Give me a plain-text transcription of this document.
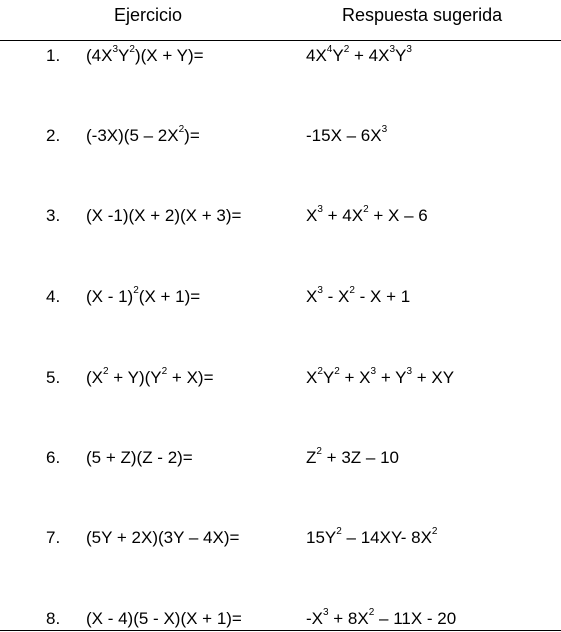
Ejercicio	Respuesta sugerida
1. $(4X^3Y^2)(X + Y)=$	$4X^4Y^2 + 4X^3Y^3$
2. $(-3X)(5 - 2X^2)=$	$-15X - 6X^3$
3. (X -1)(X + 2)(X + 3)=	$X^3 + 4X^2 + X - 6$
4. (X - 1)$^2$(X + 1)=	$X^3 - X^2 - X + 1$
5. $(X^2 + Y)(Y^2 + X)=$	$X^2Y^2 + X^3 + Y^3$ + XY
6. (5 + Z)(Z - 2)=	$Z^2 + 3Z - 10$
7. (5Y + 2X)(3Y – 4X)=	$15Y^2 - 14XY-$ $8X^2$
8. (X - 4)(5 - X)(X + 1)=	$-X^3 + 8X^2 - 11X - 20$
